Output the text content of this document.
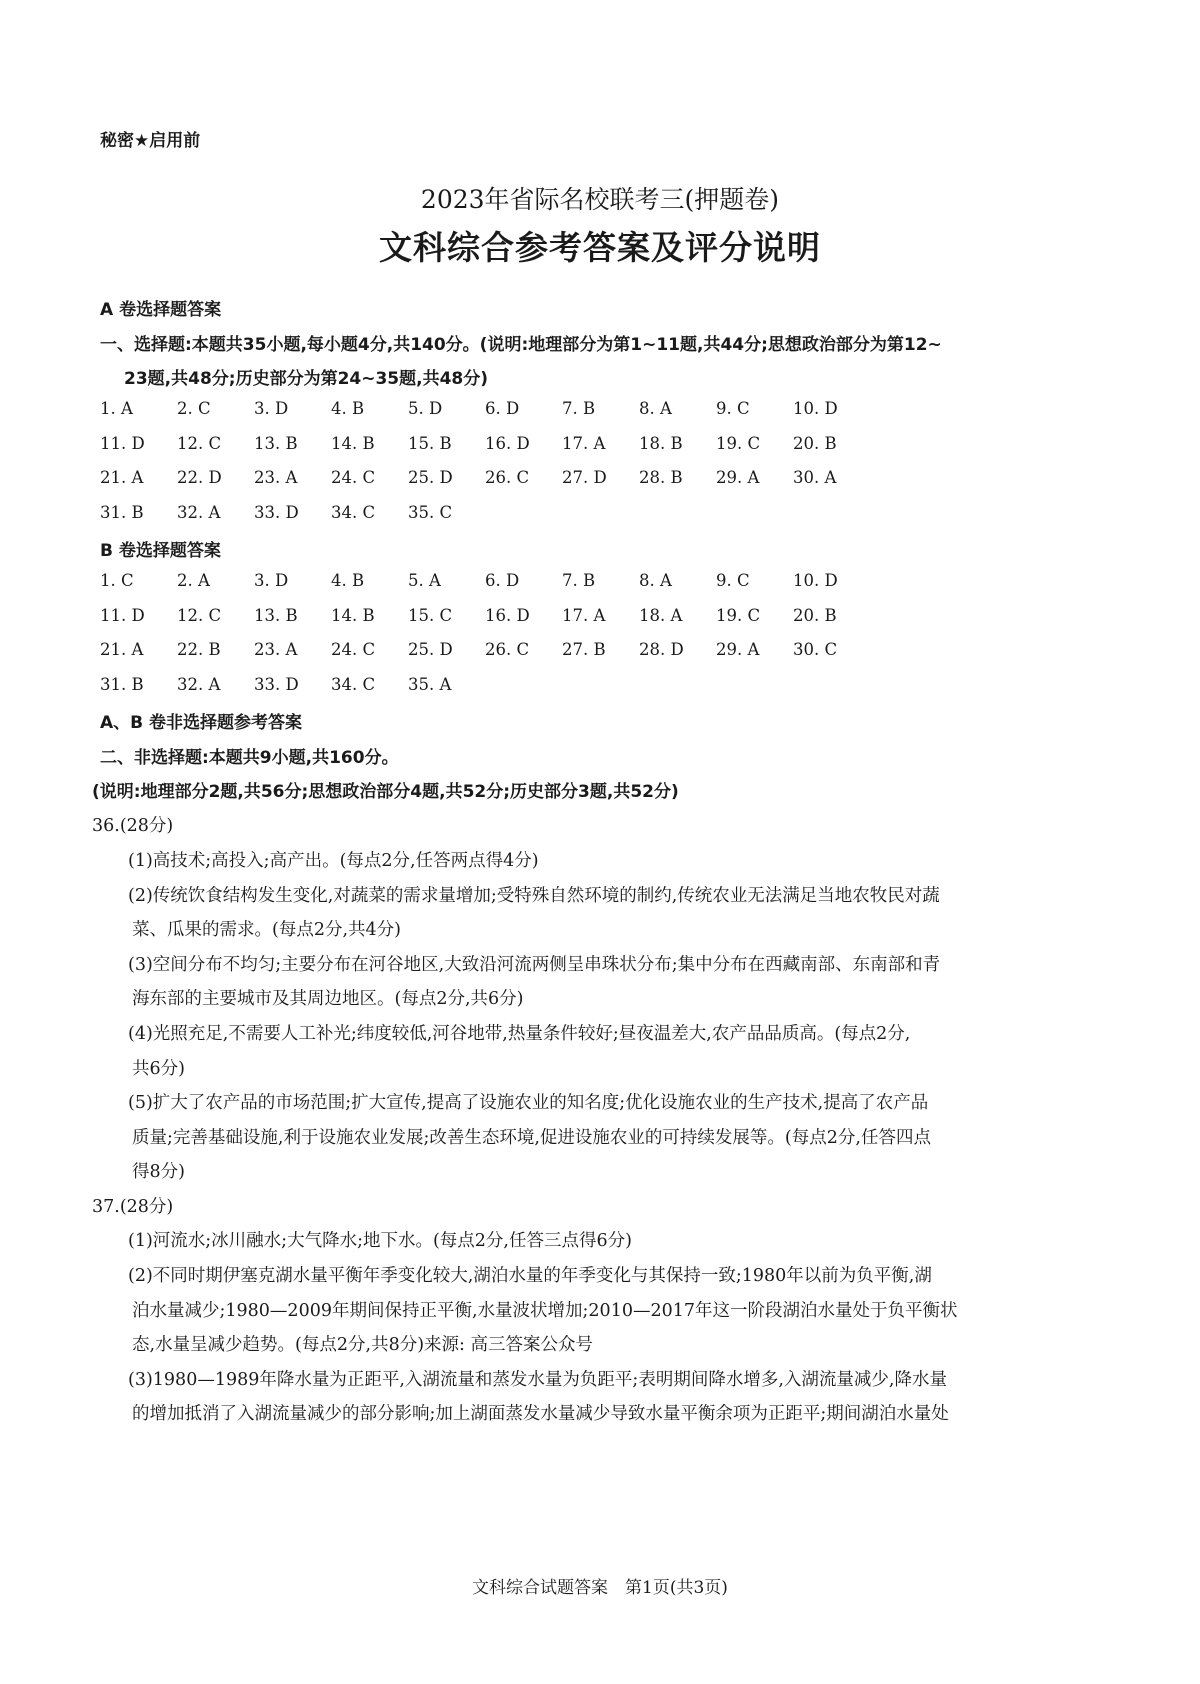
秘密★启用前
2023年省际名校联考三(押题卷)
文科综合参考答案及评分说明
A 卷选择题答案
一、选择题:本题共35小题,每小题4分,共140分。(说明:地理部分为第1~11题,共44分;思想政治部分为第12~
23题,共48分;历史部分为第24~35题,共48分)
1. A	2. C	3. D	4. B	5. D	6. D	7. B	8. A	9. C	10. D
11. D 12. C 13. B 14. B 15. B 16. D 17. A 18. B 19. C 20. B
21. A 22. D 23. A 24. C 25. D 26. C 27. D 28. B 29. A 30. A
31. B 32. A 33. D 34. C 35. C
B 卷选择题答案
1. C	2. A	3. D	4. B	5. A	6. D	7. B	8. A	9. C	10. D
11. D 12. C 13. B 14. B 15. C 16. D 17. A 18. A 19. C 20. B
21. A 22. B 23. A 24. C 25. D 26. C 27. B 28. D 29. A 30. C
31. B 32. A 33. D 34. C 35. A
A、B 卷非选择题参考答案
二、非选择题:本题共9小题,共160分。
(说明:地理部分2题,共56分;思想政治部分4题,共52分;历史部分3题,共52分)
36.(28分)
(1)高技术;高投入;高产出。(每点2分,任答两点得4分)
(2)传统饮食结构发生变化,对蔬菜的需求量增加;受特殊自然环境的制约,传统农业无法满足当地农牧民对蔬
菜、瓜果的需求。(每点2分,共4分)
(3)空间分布不均匀;主要分布在河谷地区,大致沿河流两侧呈串珠状分布;集中分布在西藏南部、东南部和青
海东部的主要城市及其周边地区。(每点2分,共6分)
(4)光照充足,不需要人工补光;纬度较低,河谷地带,热量条件较好;昼夜温差大,农产品品质高。(每点2分,
共6分)
(5)扩大了农产品的市场范围;扩大宣传,提高了设施农业的知名度;优化设施农业的生产技术,提高了农产品
质量;完善基础设施,利于设施农业发展;改善生态环境,促进设施农业的可持续发展等。(每点2分,任答四点
得8分)
37.(28分)
(1)河流水;冰川融水;大气降水;地下水。(每点2分,任答三点得6分)
(2)不同时期伊塞克湖水量平衡年季变化较大,湖泊水量的年季变化与其保持一致;1980年以前为负平衡,湖
泊水量减少;1980—2009年期间保持正平衡,水量波状增加;2010—2017年这一阶段湖泊水量处于负平衡状
态,水量呈减少趋势。(每点2分,共8分)来源: 高三答案公众号
(3)1980—1989年降水量为正距平,入湖流量和蒸发水量为负距平;表明期间降水增多,入湖流量减少,降水量
的增加抵消了入湖流量减少的部分影响;加上湖面蒸发水量减少导致水量平衡余项为正距平;期间湖泊水量处
文科综合试题答案　第1页(共3页)
